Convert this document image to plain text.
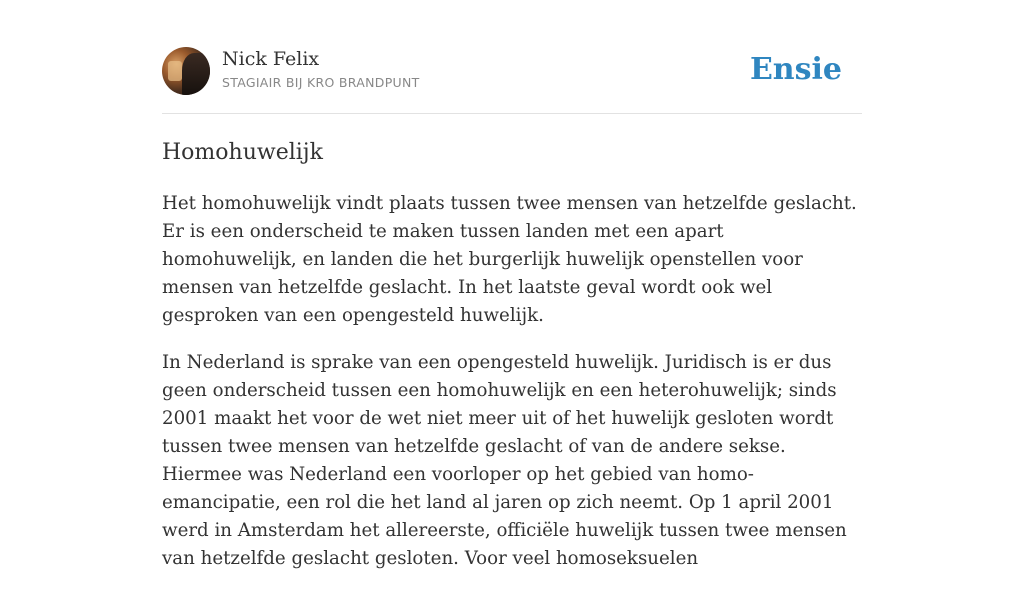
Nick Felix
STAGIAIR BIJ KRO BRANDPUNT	Ensie
Homohuwelijk

Het homohuwelijk vindt plaats tussen twee mensen van hetzelfde geslacht. Er is een onderscheid te maken tussen landen met een apart homohuwelijk, en landen die het burgerlijk huwelijk openstellen voor mensen van hetzelfde geslacht. In het laatste geval wordt ook wel gesproken van een opengesteld huwelijk.

In Nederland is sprake van een opengesteld huwelijk. Juridisch is er dus geen onderscheid tussen een homohuwelijk en een heterohuwelijk; sinds 2001 maakt het voor de wet niet meer uit of het huwelijk gesloten wordt tussen twee mensen van hetzelfde geslacht of van de andere sekse. Hiermee was Nederland een voorloper op het gebied van homo-emancipatie, een rol die het land al jaren op zich neemt. Op 1 april 2001 werd in Amsterdam het allereerste, officiële huwelijk tussen twee mensen van hetzelfde geslacht gesloten. Voor veel homoseksuelen
